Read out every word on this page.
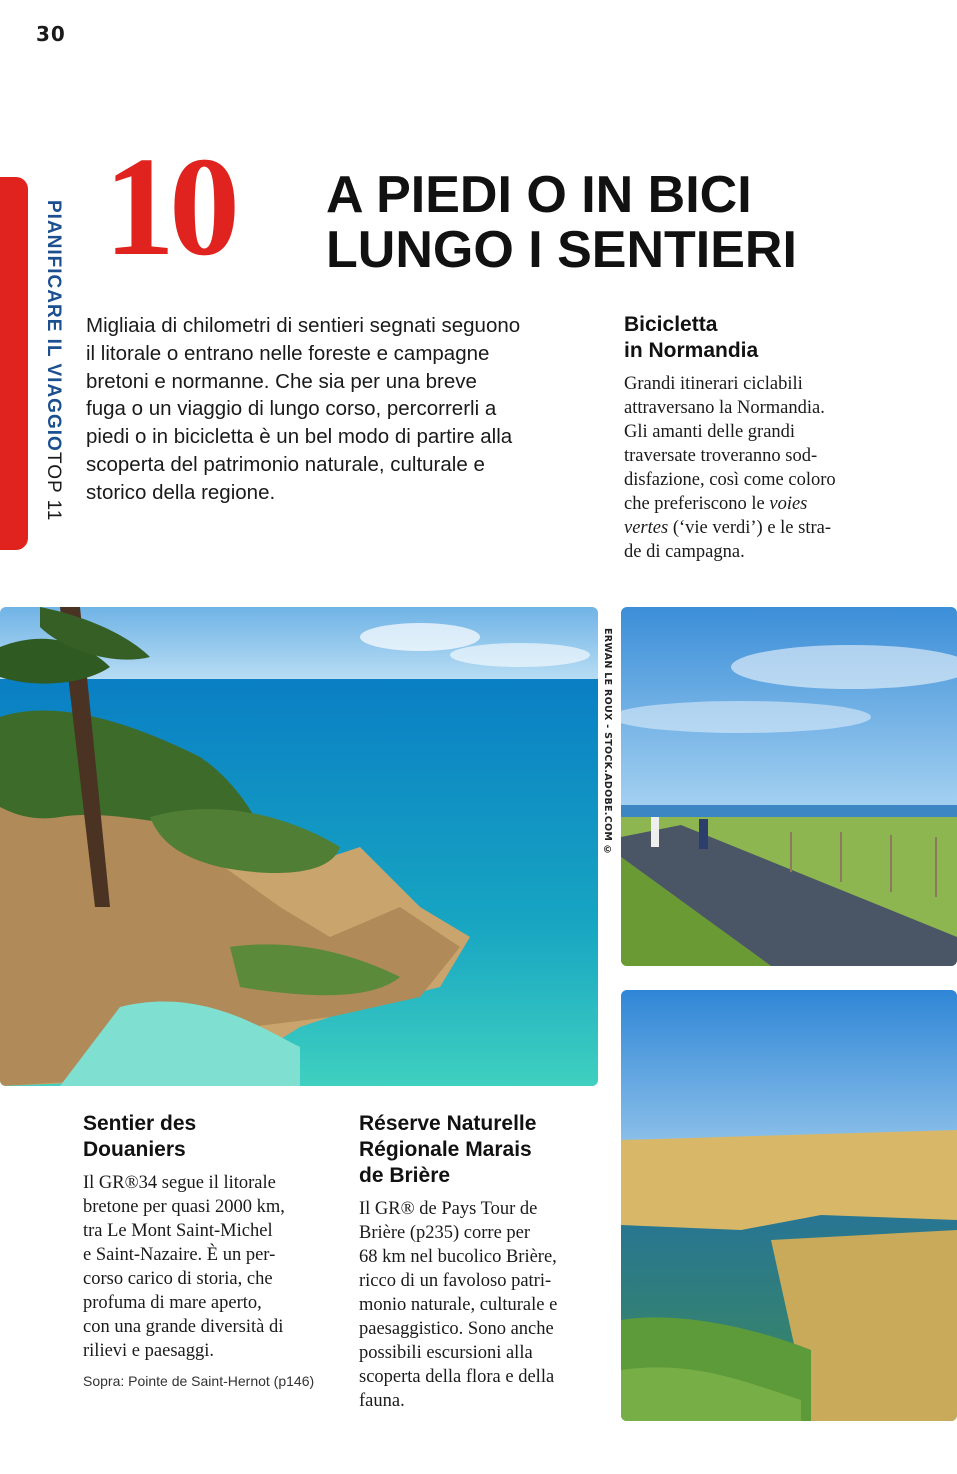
30
PIANIFICARE IL VIAGGIOTOP 11
10 A PIEDI O IN BICI
LUNGO I SENTIERI
Migliaia di chilometri di sentieri segnati seguono
il litorale o entrano nelle foreste e campagne
bretoni e normanne. Che sia per una breve
fuga o un viaggio di lungo corso, percorrerli a
piedi o in bicicletta è un bel modo di partire alla
scoperta del patrimonio naturale, culturale e
storico della regione.
Bicicletta
in Normandia
Grandi itinerari ciclabili
attraversano la Normandia.
Gli amanti delle grandi
traversate troveranno sod-
disfazione, così come coloro
che preferiscono le voies
vertes (‘vie verdi’) e le stra-
de di campagna.
ERWAN LE ROUX - STOCK.ADOBE.COM ©
Sentier des
Douaniers
Il GR®34 segue il litorale
bretone per quasi 2000 km,
tra Le Mont Saint-Michel
e Saint-Nazaire. È un per-
corso carico di storia, che
profuma di mare aperto,
con una grande diversità di
rilievi e paesaggi.
Sopra: Pointe de Saint-Hernot (p146)
Réserve Naturelle
Régionale Marais
de Brière
Il GR® de Pays Tour de
Brière (p235) corre per
68 km nel bucolico Brière,
ricco di un favoloso patri-
monio naturale, culturale e
paesaggistico. Sono anche
possibili escursioni alla
scoperta della flora e della
fauna.
